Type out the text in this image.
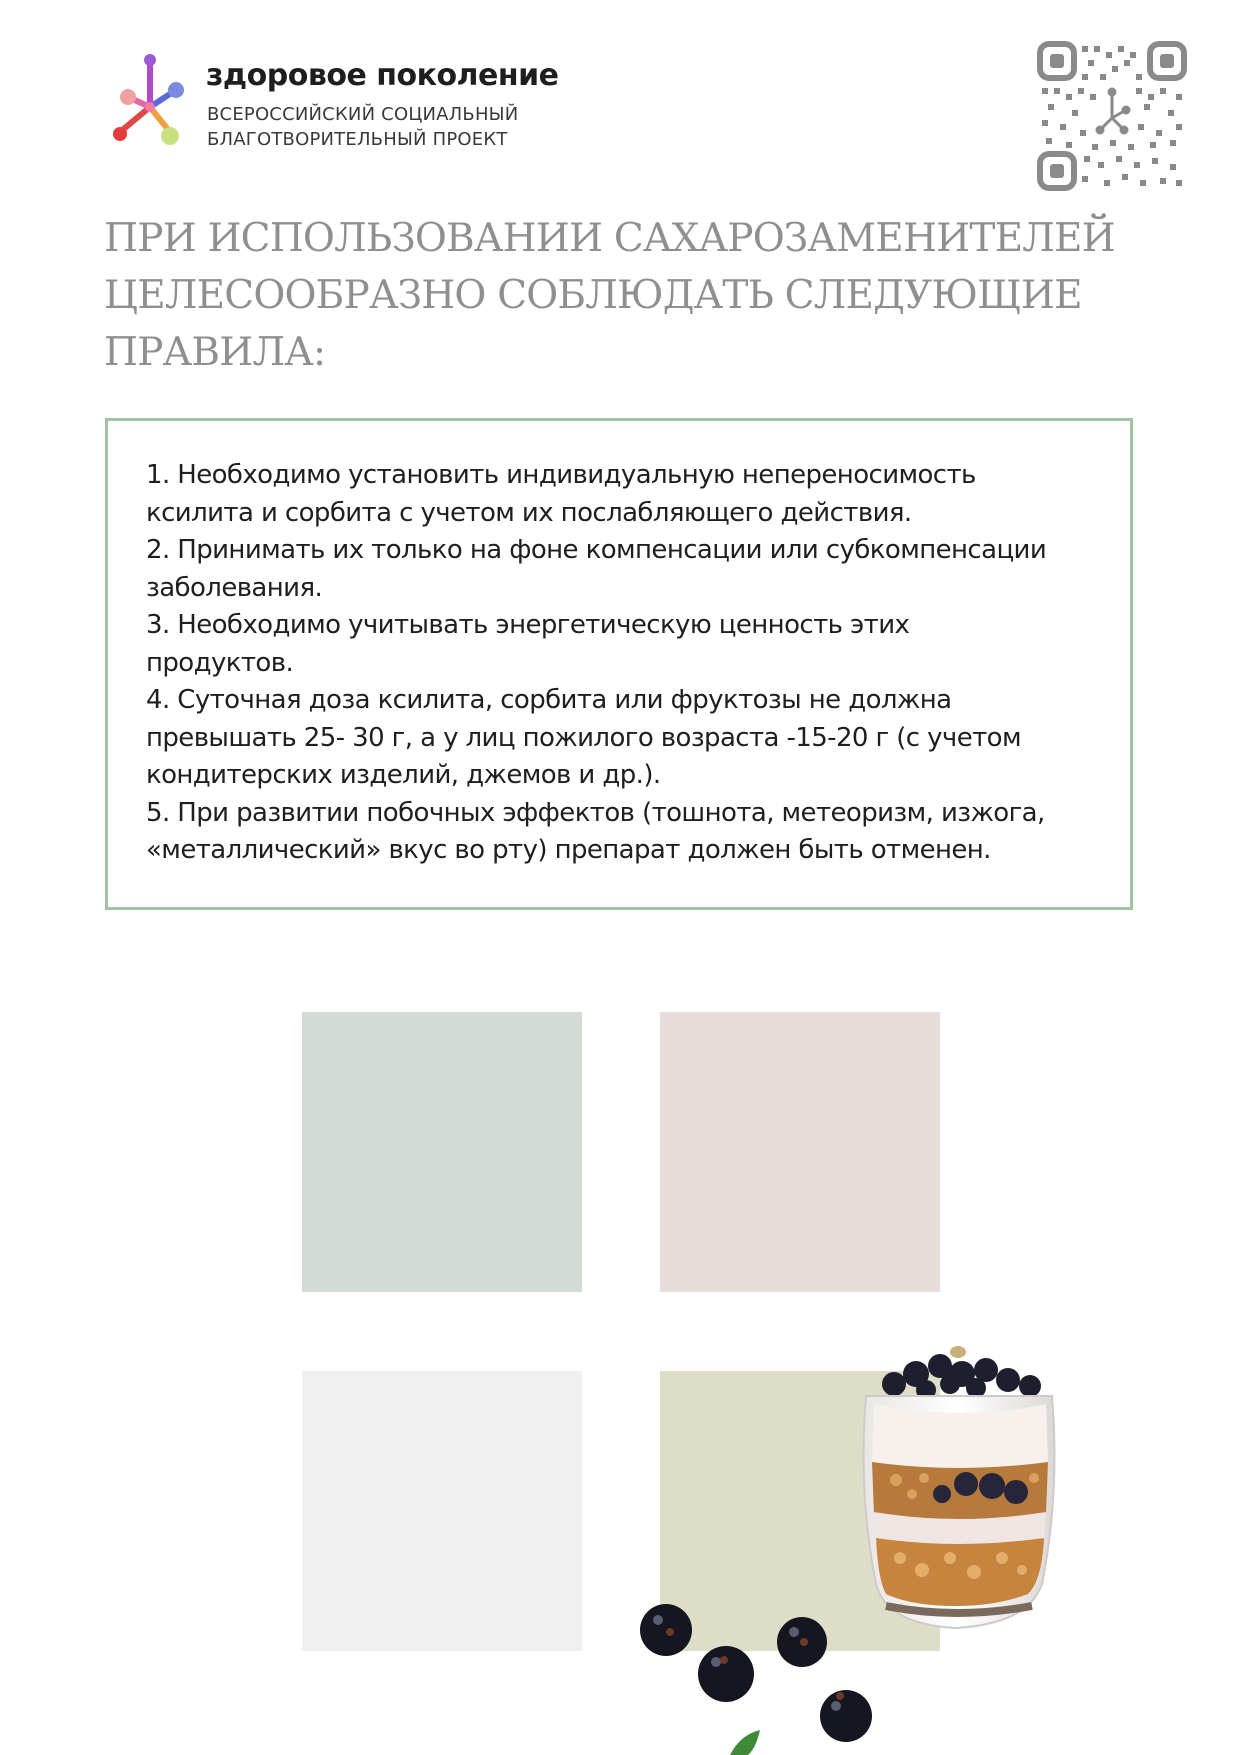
здоровое поколение
ВСЕРОССИЙСКИЙ СОЦИАЛЬНЫЙ
БЛАГОТВОРИТЕЛЬНЫЙ ПРОЕКТ
ПРИ ИСПОЛЬЗОВАНИИ САХАРОЗАМЕНИТЕЛЕЙ
ЦЕЛЕСООБРАЗНО СОБЛЮДАТЬ СЛЕДУЮЩИЕ
ПРАВИЛА:
1. Необходимо установить индивидуальную непереносимость
ксилита и сорбита с учетом их послабляющего действия.
2. Принимать их только на фоне компенсации или субкомпенсации
заболевания.
3. Необходимо учитывать энергетическую ценность этих
продуктов.
4. Суточная доза ксилита, сорбита или фруктозы не должна
превышать 25- 30 г, а у лиц пожилого возраста -15-20 г (с учетом
кондитерских изделий, джемов и др.).
5. При развитии побочных эффектов (тошнота, метеоризм, изжога,
«металлический» вкус во рту) препарат должен быть отменен.
